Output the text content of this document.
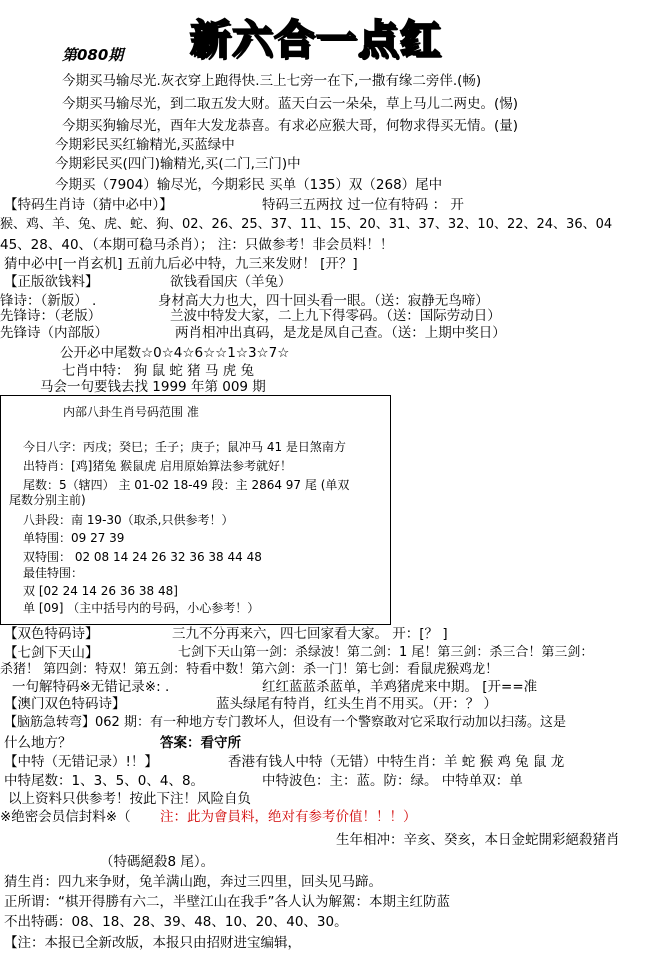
新六合一点红
第080期
今期买马输尽光.灰衣穿上跑得快.三上七旁一在下,一撒有缘二旁伴.(畅)
今期买马输尽光，到二取五发大财。蓝天白云一朵朵，草上马儿二两史。(惕)
今期买狗输尽光，酉年大发龙恭喜。有求必应猴大哥，何物求得买无情。(量)
今期彩民买红输精光,买蓝绿中
今期彩民买(四门)输精光,买(二门,三门)中
今期买（7904）输尽光，今期彩民 买单（135）双（268）尾中
【特码生肖诗（猜中必中）】	特码三五两抆 过一位有特码 ： 开
猴、鸡、羊、兔、虎、蛇、狗、02、26、25、37、11、15、20、31、37、32、10、22、24、36、04
45、28、40、（本期可稳马杀肖）； 注：只做参考！非会员料！！
猜中必中[一肖玄机] 五前九后必中特，九三来发财！ [开？]
【正版欲钱料】	欲钱看国庆（羊兔）
锋诗：（新版） .	身材高大力也大，四十回头看一眼。（送：寂静无鸟啼）
先锋诗：（老版）	兰波中特发大家，二上九下得零码。（送：国际劳动日）
先锋诗（内部版）	两肖相冲出真码，是龙是凤自己查。（送：上期中奖日）
公开必中尾数☆0☆4☆6☆☆1☆3☆7☆
七肖中特： 狗 鼠 蛇 猪 马 虎 兔
马会一句要钱去找 1999 年第 009 期
内部八卦生肖号码范围 准
今日八字：丙戌；癸巳；壬子；庚子；鼠冲马 41 是日煞南方
出特肖：[鸡]猪兔 猴鼠虎 启用原始算法参考就好！
尾数：5（辖四） 主 01-02 18-49 段：主 2864 97 尾 (单双
尾数分别主前)
八卦段：南 19-30（取杀,只供参考！）
单特围：09 27 39
双特围： 02 08 14 24 26 32 36 38 44 48
最佳特围：
双 [02 24 14 26 36 38 48]
单 [09] （主中括号内的号码，小心参考！）
【双色特码诗】	三九不分再来六，四七回家看大家。 开：[？ ]
【七剑下天山】	七剑下天山第一剑：杀绿波！第二剑：1 尾！第三剑：杀三合！第三剑：
杀猪！ 第四剑：特双！第五剑：特看中数！第六剑：杀一门！第七剑：看鼠虎猴鸡龙！
一句解特码※无错记录※: .	红红蓝蓝杀蓝单，羊鸡猪虎来中期。 [开==准
【澳门双色特码诗】	蓝头绿尾有特肖，红头生肖不用买。（开：？ ）
【脑筋急转弯】062 期：有一种地方专门教坏人，但设有一个警察敢对它采取行动加以扫荡。这是
什么地方？	答案：看守所
【中特（无错记录）!！】	香港有钱人中特（无错）中特生肖：羊 蛇 猴 鸡 兔 鼠 龙
中特尾数：1、3、5、0、4、8。	中特波色：主：蓝。防：绿。 中特单双：单
以上资料只供参考！按此下注！风险自负
※绝密会员信封料※（ 注：此为會員料，绝对有参考价值！！！）
生年相冲：辛亥、癸亥，本日金蛇開彩絕殺猪肖
（特碼絕殺8 尾）。
猜生肖：四九来争财，兔羊满山跑，奔过三四里，回头见马蹄。
正所谓：“棋开得勝有六二，半壁江山在我手”各人认为解駕：本期主红防蓝
不出特碼：08、18、28、39、48、10、20、40、30。
【注：本报已全新改版，本报只由招财进宝编辑，
